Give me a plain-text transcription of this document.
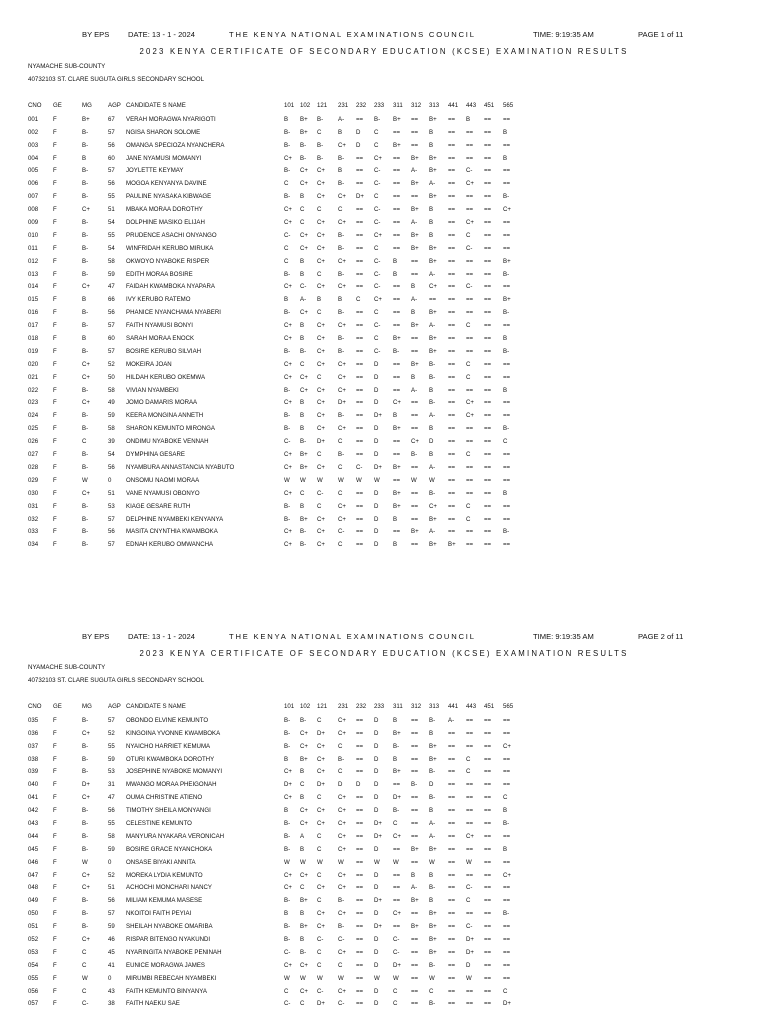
BY EPS DATE: 13 - 1 - 2024	THE KENYA NATIONAL EXAMINATIONS COUNCIL	TIME: 9:19:35 AM	PAGE 1 of 11
2023 KENYA CERTIFICATE OF SECONDARY EDUCATION (KCSE) EXAMINATION RESULTS
NYAMACHE SUB-COUNTY
40732103 ST. CLARE SUGUTA GIRLS SECONDARY SCHOOL
CNO GE	MG	AGP CANDIDATE S NAME	101 102 121 231 232 233 311 312 313 441 443 451 565
001 F	B+	67 VERAH MORAGWA NYARIGOTI	B B+ B- A- == B- B+ == B+ == B == ==
002 F	B-	57 NGISA SHARON SOLOME	B- B+ C	B D C == == B == == == B
003 F	B-	56 OMANGA SPECIOZA NYANCHERA	B- B- B- C+ D C B+ == B == == == ==
004 F	B	60 JANE NYAMUSI MOMANYI	C+ B- B- B- == C+ == B+ B+ == == == B
005 F	B-	57 JOYLETTE KEYMAY	B- C+ C+ B == C- == A- B+ == C- == ==
006 F	B-	56 MOGOA KENYANYA DAVINE	C C+ C+ B- == C- == B+ A- == C+ == ==
007 F	B-	55 PAULINE NYASAKA KIBWAGE	B- B C+ C+ D+ C == == B+ == == == B-
008 F	C+	51 MBAKA MORAA DOROTHY	C+ C C	C == C- == B+ B == == == C+
009 F	B-	54 DOLPHINE MASIKO ELIJAH	C+ C C+ C+ == C- == A- B == C+ == ==
010 F	B-	55 PRUDENCE ASACHI ONYANGO	C- C+ C+ B- == C+ == B+ B == C == ==
011	F	B-	54 WINFRIDAH KERUBO MIRUKA	C C+ C+ B- == C == B+ B+ == C- == ==
012 F	B-	58 OKWOYO NYABOKE RISPER	C B C+ C+ == C- B == B+ == == == B+
013 F	B-	59 EDITH MORAA BOSIRE	B- B C	B- == C- B == A- == == == B-
014 F	C+	47 FAIDAH KWAMBOKA NYAPARA	C+ C- C+ C+ == C- == B C+ == C- == ==
015 F	B	66 IVY KERUBO RATEMO	B A- B	B C C+ == A- == == == == B+
016 F	B-	56 PHANICE NYANCHAMA NYABERI	B- C+ C	B- == C == B B+ == == == B-
017 F	B-	57 FAITH NYAMUSI BONYI	C+ B C+ C+ == C- == B+ A- == C == ==
018 F	B	60 SARAH MORAA ENOCK	C+ B C+ B- == C B+ == B+ == == == B
019 F	B-	57 BOSIRE KERUBO SILVIAH	B- B- C+ B- == C- B- == B+ == == == B-
020 F	C+	52 MOKEIRA JOAN	C+ C C+ C+ == D == B+ B- == C == ==
021 F	C+	50 HILDAH KERUBO OKEMWA	C+ C+ C	C+ == D == B B- == C == ==
022 F	B-	58 VIVIAN NYAMBEKI	B- C+ C+ C+ == D == A- B == == == B
023 F	C+	49 JOMO DAMARIS MORAA	C+ B C+ D+ == D C+ == B- == C+ == ==
024 F	B-	59 KEERA MONGINA ANNETH	B- B C+ B- == D+ B == A- == C+ == ==
025 F	B-	58 SHARON KEMUNTO MIRONGA	B- B C+ C+ == D B+ == B == == == B-
026 F	C	39 ONDIMU NYABOKE VENNAH	C- B- D+ C == D == C+ D == == == C
027 F	B-	54 DYMPHINA GESARE	C+ B+ C	B- == D == B- B == C == ==
028 F	B-	56 NYAMBURA ANNASTANCIA NYABUTO	C+ B+ C+ C C- D+ B+ == A- == == == ==
029 F	W	0 ONSOMU NAOMI MORAA	W W W W W W == W W == == == ==
030 F	C+	51 VANE NYAMUSI OBONYO	C+ C C- C == D B+ == B- == == == B
031 F	B-	53 KIAGE GESARE RUTH	B- B C	C+ == D B+ == C+ == C == ==
032 F	B-	57 DELPHINE NYAMBEKI KENYANYA	B- B+ C+ C+ == D B == B+ == C == ==
033 F	B-	56 MASITA CNYNTHIA KWAMBOKA	C+ B- C+ C- == D == B+ A- == == == B-
034 F	B-	57 EDNAH KERUBO OMWANCHA	C+ B- C+ C == D B == B+ B+ == == ==
BY EPS DATE: 13 - 1 - 2024	THE KENYA NATIONAL EXAMINATIONS COUNCIL	TIME: 9:19:35 AM	PAGE 2 of 11
2023 KENYA CERTIFICATE OF SECONDARY EDUCATION (KCSE) EXAMINATION RESULTS
NYAMACHE SUB-COUNTY
40732103 ST. CLARE SUGUTA GIRLS SECONDARY SCHOOL
CNO GE	MG	AGP CANDIDATE S NAME	101 102 121 231 232 233 311 312 313 441 443 451 565
035 F	B-	57 OBONDO ELVINE KEMUNTO	B- B- C	C+ == D B == B- A- == == ==
036 F	C+	52 KINGOINA YVONNE KWAMBOKA	B- C+ D+ C+ == D B+ == B == == == ==
037 F	B-	55 NYAICHO HARRIET KEMUMA	B- C+ C+ C == D B- == B+ == == == C+
038 F	B-	59 OTURI KWAMBOKA DOROTHY	B B+ C+ B- == D B == B+ == C == ==
039 F	B-	53 JOSEPHINE NYABOKE MOMANYI	C+ B C+ C == D B+ == B- == C == ==
040 F	D+	31 MWANGO MORAA PHEIGONAH	D+ C D+ D D D == B- D == == == ==
041 F	C+	47 OUMA CHRISTINE ATIENO	C+ B C	C+ == D D+ == B- == == == C
042 F	B-	56 TIMOTHY SHEILA MONYANGI	B C+ C+ C+ == D B- == B == == == B
043 F	B-	55 CELESTINE KEMUNTO	B- C+ C+ C+ == D+ C == A- == == == B-
044 F	B-	58 MANYURA NYAKARA VERONICAH	B- A C	C+ == D+ C+ == A- == C+ == ==
045 F	B-	59 BOSIRE GRACE NYANCHOKA	B- B C	C+ == D == B+ B+ == == == B
046 F	W	0 ONSASE BIYAKI ANNITA	W W W W == W W == W == W == ==
047 F	C+	52 MOREKA LYDIA KEMUNTO	C+ C+ C	C+ == D == B B == == == C+
048 F	C+	51 ACHOCHI MONCHARI NANCY	C+ C C+ C+ == D == A- B- == C- == ==
049 F	B-	56 MILIAM KEMUMA MASESE	B- B+ C	B- == D+ == B+ B == C == ==
050 F	B-	57 NKOITOI FAITH PEYIAI	B B C+ C+ == D C+ == B+ == == == B-
051 F	B-	59 SHEILAH NYABOKE OMARIBA	B- B+ C+ B- == D+ == B+ B+ == C- == ==
052 F	C+	46 RISPAR BITENGO NYAKUNDI	B- B C- C- == D C- == B+ == D+ == ==
053 F	C	45 NYARINGITA NYABOKE PENINAH	C- B- C	C+ == D C- == B+ == D+ == ==
054 F	C	41 EUNICE MORAGWA JAMES	C+ C+ C	C == D D+ == B- == D == ==
055 F	W	0 MIRUMBI REBECAH NYAMBEKI	W W W W == W W == W == W == ==
056 F	C	43 FAITH KEMUNTO BINYANYA	C C+ C- C+ == D C == C == == == C
057 F	C-	38 FAITH NAEKU SAE	C- C D+ C- == D C == B- == == == D+
